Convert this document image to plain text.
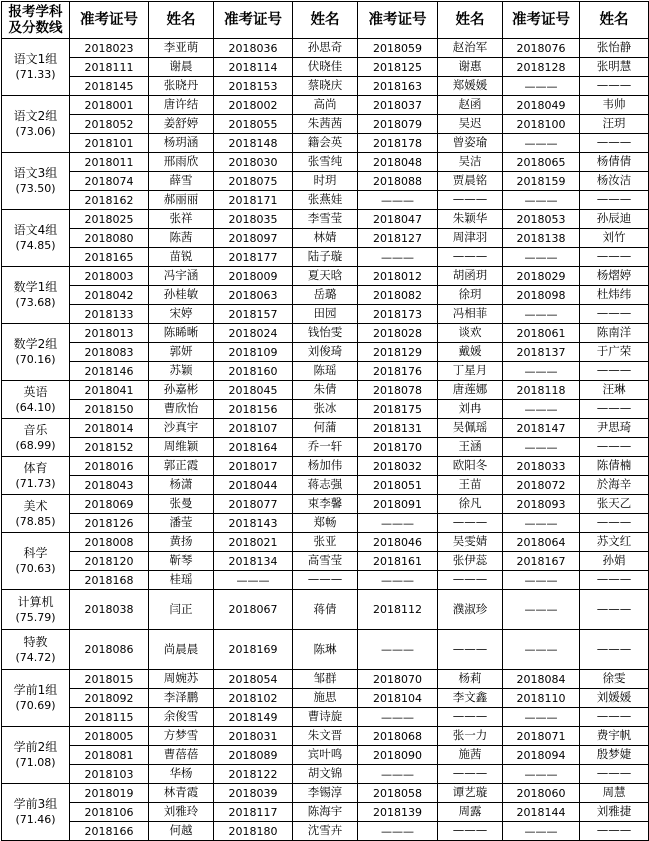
报考学科
及分数线	准考证号	姓名	准考证号	姓名	准考证号	姓名	准考证号	姓名

语文1组
(71.33)	2018023	李亚萌	2018036	孙思奇	2018059	赵治军	2018076	张怡静
	2018111	谢晨	2018114	伏晓佳	2018125	谢惠	2018128	张明慧
	2018145	张晓丹	2018153	蔡晓庆	2018163	郑媛媛	———	———

语文2组
(73.06)	2018001	唐许结	2018002	高尚	2018037	赵函	2018049	韦帅
	2018052	姜舒婷	2018055	朱茜茜	2018079	吴迟	2018100	汪玥
	2018101	杨玥涵	2018148	籍会英	2018178	曾姿瑜	———	———

语文3组
(73.50)	2018011	邢雨欣	2018030	张雪纯	2018048	吴洁	2018065	杨倩倩
	2018074	薛雪	2018075	时玥	2018088	贾晨铭	2018159	杨汝洁
	2018162	郝丽丽	2018171	张燕娃	———	———	———	———

语文4组
(74.85)	2018025	张祥	2018035	李雪莹	2018047	朱颖华	2018053	孙辰迪
	2018080	陈茜	2018097	林婧	2018127	周津羽	2018138	刘竹
	2018165	苗锐	2018177	陆子璇	———	———	———	———

数学1组
(73.68)	2018003	冯宇涵	2018009	夏天晗	2018012	胡函玥	2018029	杨熠婷
	2018042	孙桂敏	2018063	岳璐	2018082	徐玥	2018098	杜炜纬
	2018133	宋婷	2018157	田园	2018173	冯相菲	———	———

数学2组
(70.16)	2018013	陈睎晰	2018024	钱怡雯	2018028	谈欢	2018061	陈南洋
	2018083	郭妍	2018109	刘俊琦	2018129	戴媛	2018137	于广荣
	2018146	苏颖	2018160	陈瑶	2018176	丁星月	———	———

英语
(64.10)	2018041	孙嘉彬	2018045	朱倩	2018078	唐莲娜	2018118	汪琳
	2018150	曹欣怡	2018156	张冰	2018175	刘冉	———	———

音乐
(68.99)	2018014	沙真宇	2018107	何蒲	2018131	吴佩瑶	2018147	尹思琦
	2018152	周维颖	2018164	乔一轩	2018170	王涵	———	———

体育
(71.73)	2018016	郭正霞	2018017	杨加伟	2018032	欧阳冬	2018033	陈倩楠
	2018043	杨潇	2018044	蒋志强	2018051	王苗	2018072	於海辛

美术
(78.85)	2018069	张曼	2018077	束李馨	2018091	徐凡	2018093	张天乙
	2018126	潘莹	2018143	郑畅	———	———	———	———

科学
(70.63)	2018008	黄扬	2018021	张亚	2018046	吴雯婧	2018064	苏文红
	2018120	靳琴	2018134	高雪莹	2018161	张伊蕊	2018167	孙娟
	2018168	桂瑶	———	———	———	———	———	———

计算机
(75.79)	2018038	闫正	2018067	蒋倩	2018112	濮淑珍	———	———

特教
(74.72)	2018086	尚晨晨	2018169	陈琳	———	———	———	———

学前1组
(70.69)	2018015	周婉苏	2018054	邹群	2018070	杨莉	2018084	徐雯
	2018092	李泽鹏	2018102	施思	2018104	李文鑫	2018110	刘媛媛
	2018115	余俊雪	2018149	曹诗旋	———	———	———	———

学前2组
(71.08)	2018005	方梦雪	2018031	朱文晋	2018068	张一力	2018071	费宇帆
	2018081	曹蓓蓓	2018089	宾叶鸣	2018090	施茜	2018094	殷梦婕
	2018103	华杨	2018122	胡文锦	———	———	———	———

学前3组
(71.46)	2018019	林青霞	2018039	李锡淳	2018058	谭艺璇	2018060	周慧
	2018106	刘雅玲	2018117	陈海宇	2018139	周露	2018144	刘雅捷
	2018166	何越	2018180	沈雪卉	———	———	———	———
